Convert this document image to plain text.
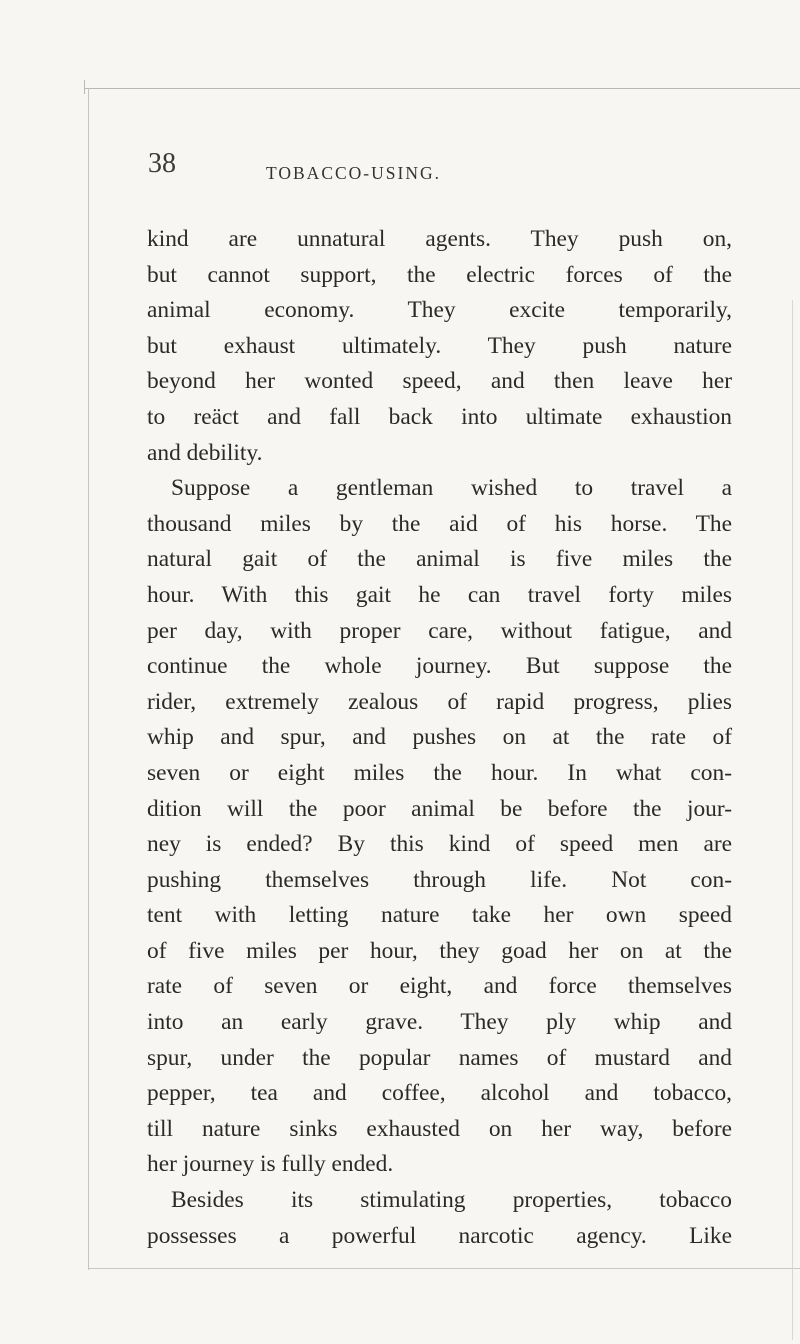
38	TOBACCO-USING.
kind are unnatural agents. They push on,
but cannot support, the electric forces of the
animal economy. They excite temporarily,
but exhaust ultimately. They push nature
beyond her wonted speed, and then leave her
to reäct and fall back into ultimate exhaustion
and debility.
Suppose a gentleman wished to travel a
thousand miles by the aid of his horse. The
natural gait of the animal is five miles the
hour. With this gait he can travel forty miles
per day, with proper care, without fatigue, and
continue the whole journey. But suppose the
rider, extremely zealous of rapid progress, plies
whip and spur, and pushes on at the rate of
seven or eight miles the hour. In what con-
dition will the poor animal be before the jour-
ney is ended? By this kind of speed men are
pushing themselves through life. Not con-
tent with letting nature take her own speed
of five miles per hour, they goad her on at the
rate of seven or eight, and force themselves
into an early grave. They ply whip and
spur, under the popular names of mustard and
pepper, tea and coffee, alcohol and tobacco,
till nature sinks exhausted on her way, before
her journey is fully ended.
Besides its stimulating properties, tobacco
possesses a powerful narcotic agency. Like
